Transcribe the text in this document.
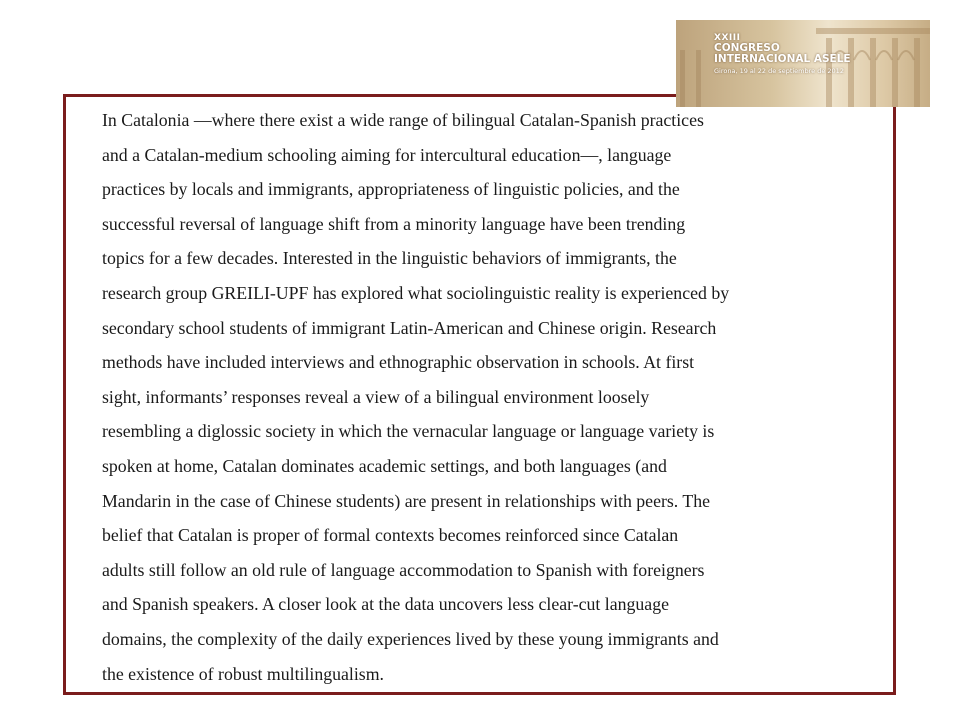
XXIII
CONGRESO
INTERNACIONAL ASELE
Girona, 19 al 22 de septiembre de 2012
In Catalonia —where there exist a wide range of bilingual Catalan-Spanish practices
and a Catalan-medium schooling aiming for intercultural education—, language
practices by locals and immigrants, appropriateness of linguistic policies, and the
successful reversal of language shift from a minority language have been trending
topics for a few decades. Interested in the linguistic behaviors of immigrants, the
research group GREILI-UPF has explored what sociolinguistic reality is experienced by
secondary school students of immigrant Latin-American and Chinese origin. Research
methods have included interviews and ethnographic observation in schools. At first
sight, informants’ responses reveal a view of a bilingual environment loosely
resembling a diglossic society in which the vernacular language or language variety is
spoken at home, Catalan dominates academic settings, and both languages (and
Mandarin in the case of Chinese students) are present in relationships with peers. The
belief that Catalan is proper of formal contexts becomes reinforced since Catalan
adults still follow an old rule of language accommodation to Spanish with foreigners
and Spanish speakers. A closer look at the data uncovers less clear-cut language
domains, the complexity of the daily experiences lived by these young immigrants and
the existence of robust multilingualism.
